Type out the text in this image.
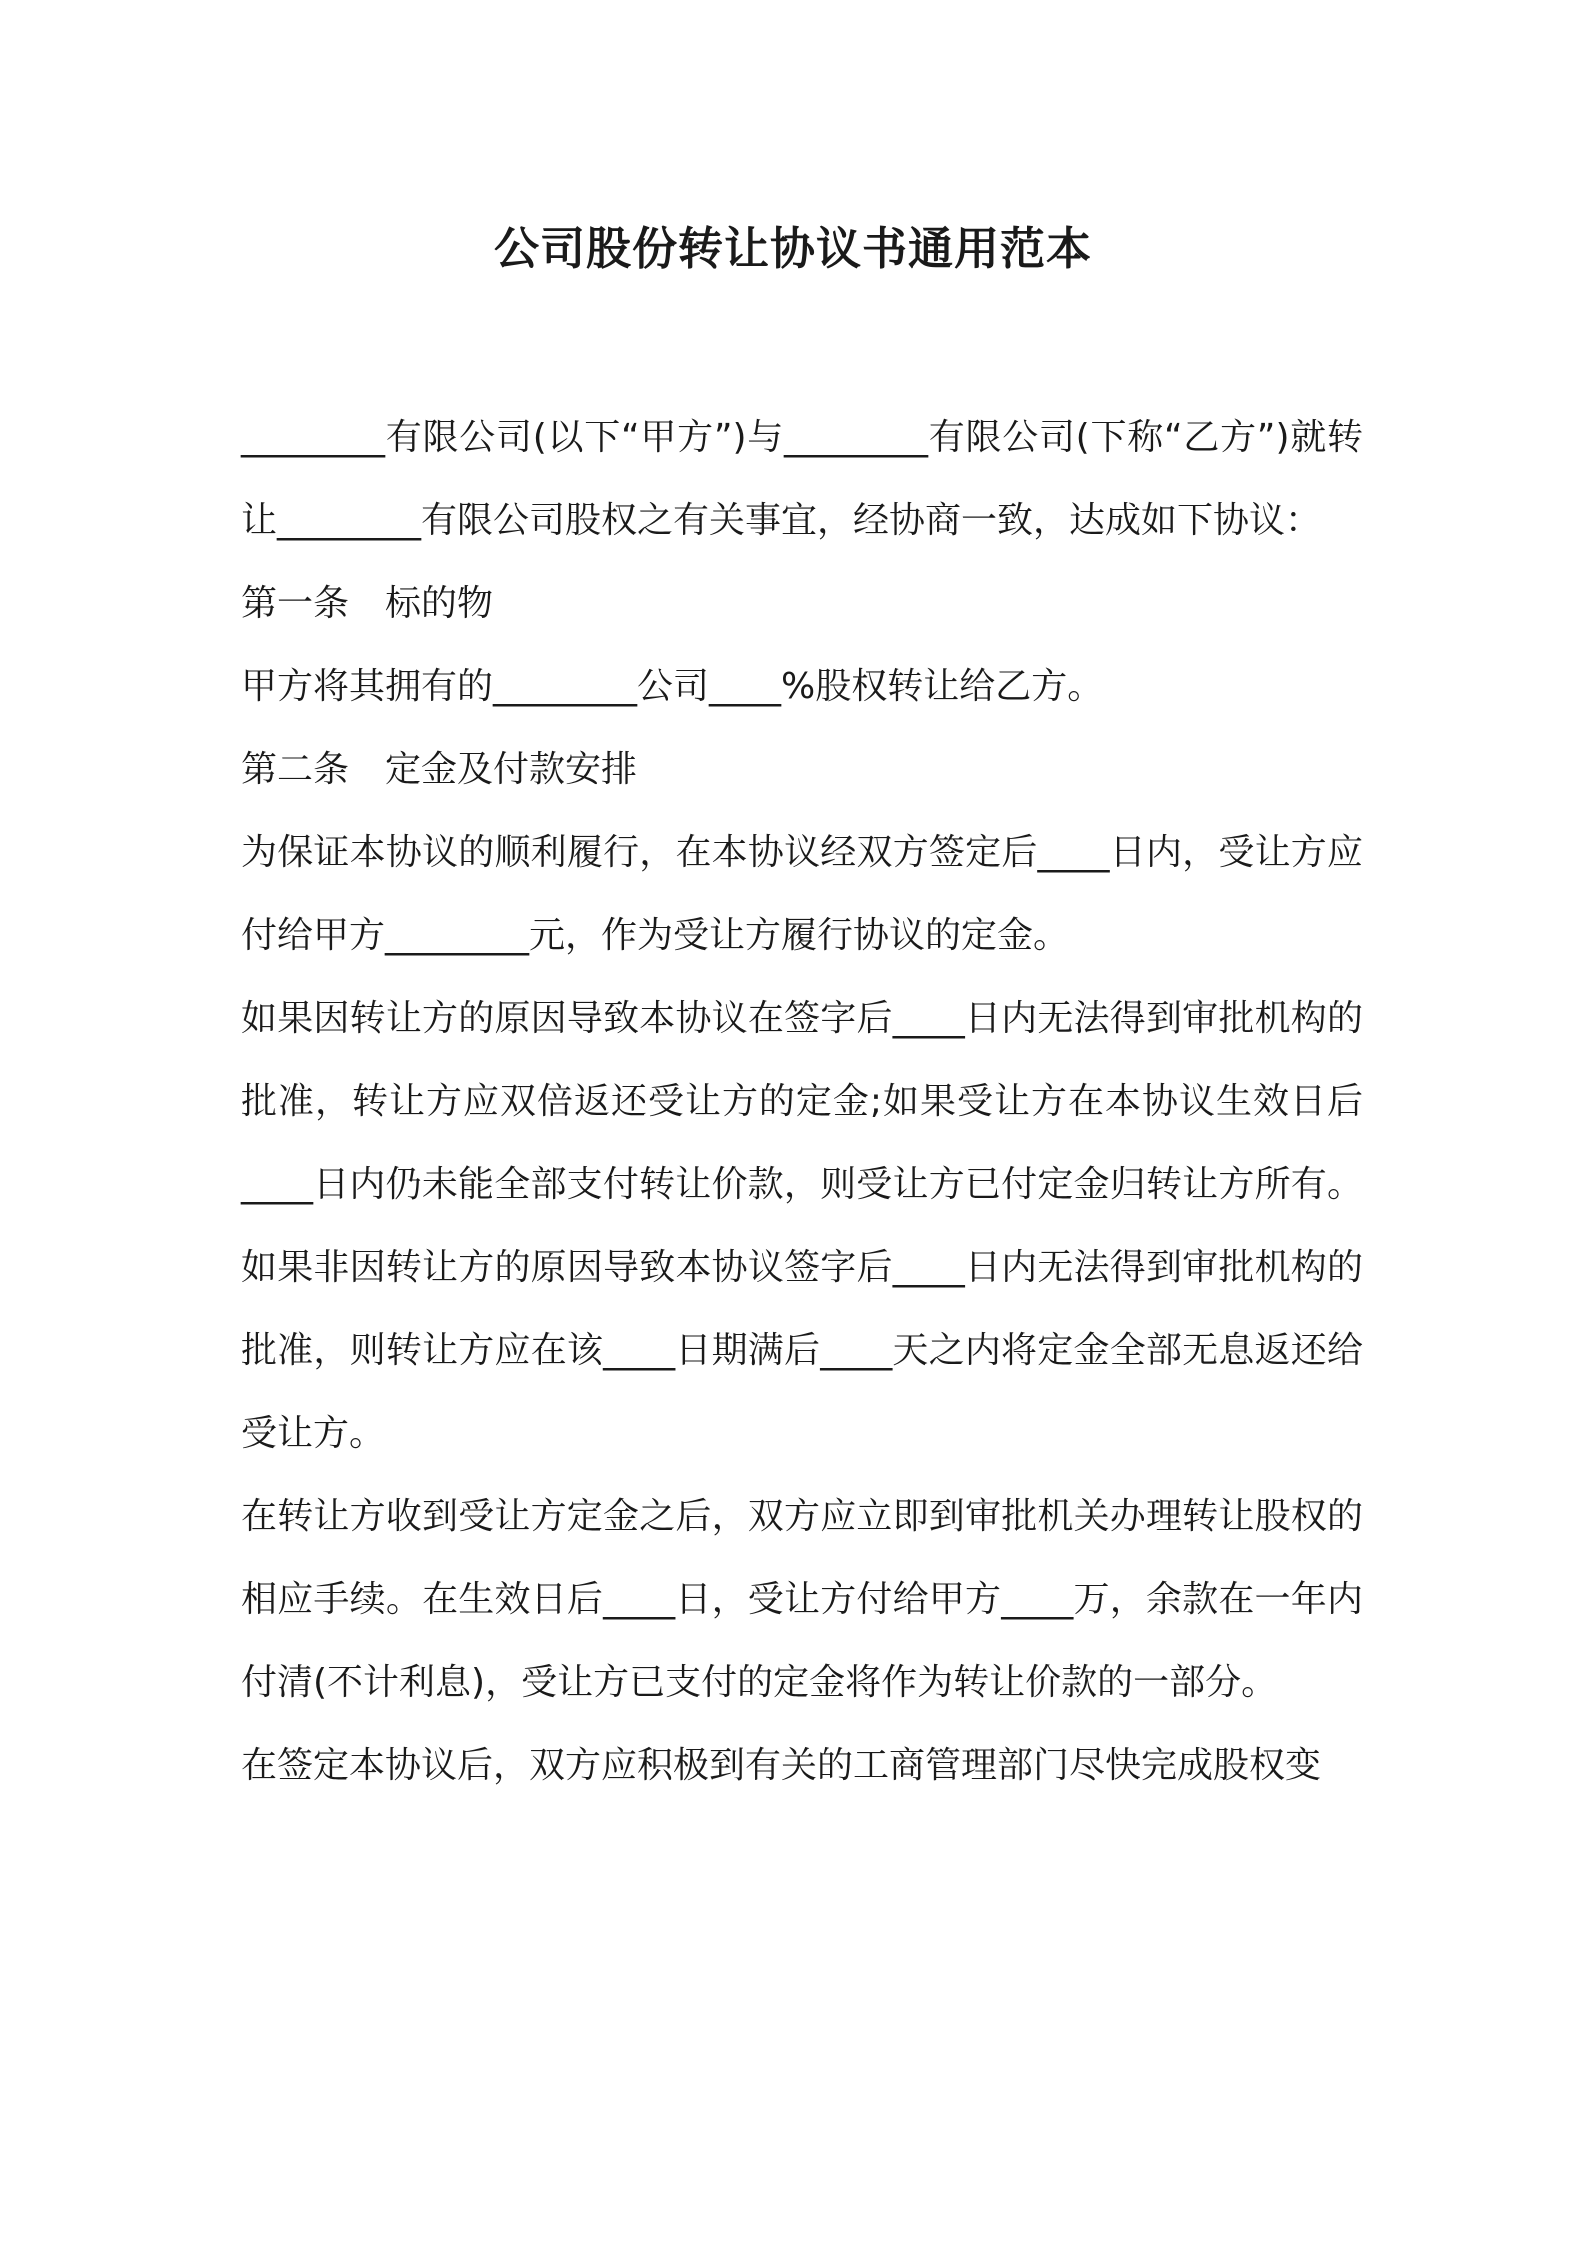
公司股份转让协议书通用范本

________有限公司(以下“甲方”)与________有限公司(下称“乙方”)就转让________有限公司股权之有关事宜，经协商一致，达成如下协议：

第一条　标的物

甲方将其拥有的________公司____%股权转让给乙方。

第二条　定金及付款安排

为保证本协议的顺利履行，在本协议经双方签定后____日内，受让方应付给甲方________元，作为受让方履行协议的定金。

如果因转让方的原因导致本协议在签字后____日内无法得到审批机构的批准，转让方应双倍返还受让方的定金;如果受让方在本协议生效日后____日内仍未能全部支付转让价款，则受让方已付定金归转让方所有。如果非因转让方的原因导致本协议签字后____日内无法得到审批机构的批准，则转让方应在该____日期满后____天之内将定金全部无息返还给受让方。

在转让方收到受让方定金之后，双方应立即到审批机关办理转让股权的相应手续。在生效日后____日，受让方付给甲方____万，余款在一年内付清(不计利息)，受让方已支付的定金将作为转让价款的一部分。

在签定本协议后，双方应积极到有关的工商管理部门尽快完成股权变
